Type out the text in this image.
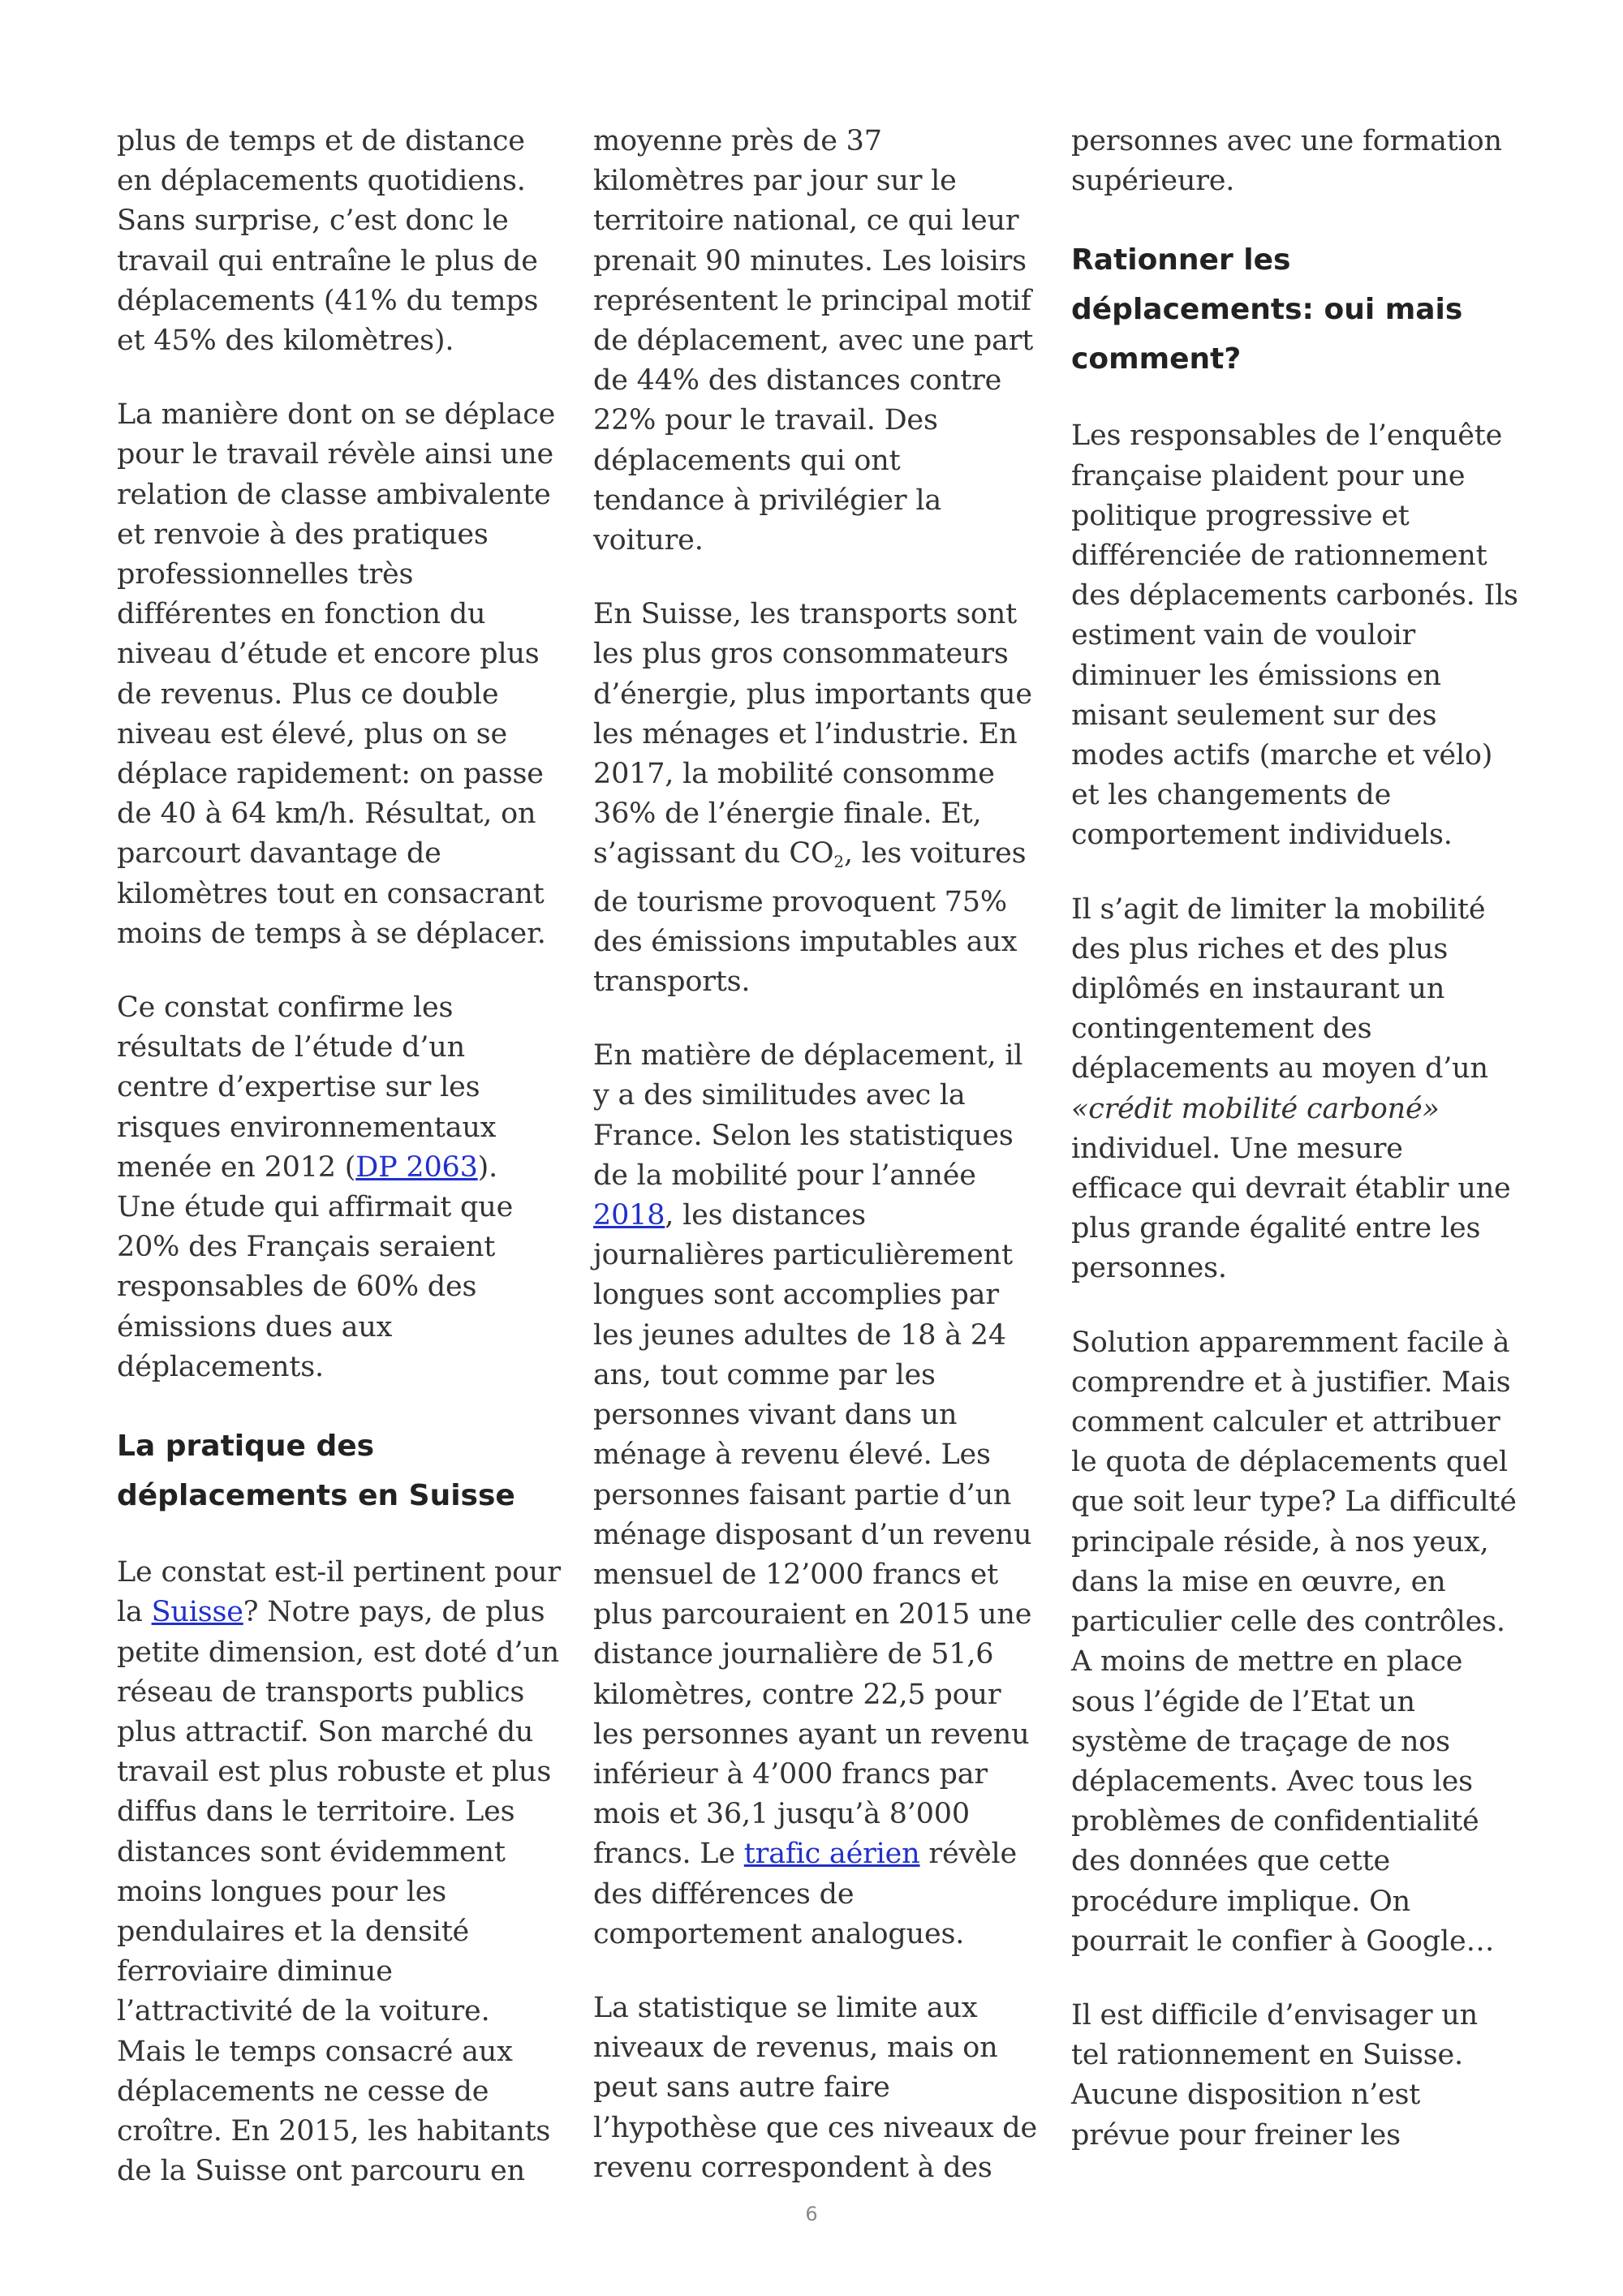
plus de temps et de distance en déplacements quotidiens. Sans surprise, c’est donc le travail qui entraîne le plus de déplacements (41% du temps et 45% des kilomètres).

La manière dont on se déplace pour le travail révèle ainsi une relation de classe ambivalente et renvoie à des pratiques professionnelles très différentes en fonction du niveau d’étude et encore plus de revenus. Plus ce double niveau est élevé, plus on se déplace rapidement: on passe de 40 à 64 km/h. Résultat, on parcourt davantage de kilomètres tout en consacrant moins de temps à se déplacer.

Ce constat confirme les résultats de l’étude d’un centre d’expertise sur les risques environnementaux menée en 2012 (DP 2063). Une étude qui affirmait que 20% des Français seraient responsables de 60% des émissions dues aux déplacements.

La pratique des déplacements en Suisse

Le constat est-il pertinent pour la Suisse? Notre pays, de plus petite dimension, est doté d’un réseau de transports publics plus attractif. Son marché du travail est plus robuste et plus diffus dans le territoire. Les distances sont évidemment moins longues pour les pendulaires et la densité ferroviaire diminue l’attractivité de la voiture. Mais le temps consacré aux déplacements ne cesse de croître. En 2015, les habitants de la Suisse ont parcouru en

moyenne près de 37 kilomètres par jour sur le territoire national, ce qui leur prenait 90 minutes. Les loisirs représentent le principal motif de déplacement, avec une part de 44% des distances contre 22% pour le travail. Des déplacements qui ont tendance à privilégier la voiture.

En Suisse, les transports sont les plus gros consommateurs d’énergie, plus importants que les ménages et l’industrie. En 2017, la mobilité consomme 36% de l’énergie finale. Et, s’agissant du $CO_2$, les voitures de tourisme provoquent 75% des émissions imputables aux transports.

En matière de déplacement, il y a des similitudes avec la France. Selon les statistiques de la mobilité pour l’année 2018, les distances journalières particulièrement longues sont accomplies par les jeunes adultes de 18 à 24 ans, tout comme par les personnes vivant dans un ménage à revenu élevé. Les personnes faisant partie d’un ménage disposant d’un revenu mensuel de 12’000 francs et plus parcouraient en 2015 une distance journalière de 51,6 kilomètres, contre 22,5 pour les personnes ayant un revenu inférieur à 4’000 francs par mois et 36,1 jusqu’à 8’000 francs. Le trafic aérien révèle des différences de comportement analogues.

La statistique se limite aux niveaux de revenus, mais on peut sans autre faire l’hypothèse que ces niveaux de revenu correspondent à des

personnes avec une formation supérieure.

Rationner les déplacements: oui mais comment?

Les responsables de l’enquête française plaident pour une politique progressive et différenciée de rationnement des déplacements carbonés. Ils estiment vain de vouloir diminuer les émissions en misant seulement sur des modes actifs (marche et vélo) et les changements de comportement individuels.

Il s’agit de limiter la mobilité des plus riches et des plus diplômés en instaurant un contingentement des déplacements au moyen d’un «crédit mobilité carboné» individuel. Une mesure efficace qui devrait établir une plus grande égalité entre les personnes.

Solution apparemment facile à comprendre et à justifier. Mais comment calculer et attribuer le quota de déplacements quel que soit leur type? La difficulté principale réside, à nos yeux, dans la mise en œuvre, en particulier celle des contrôles. A moins de mettre en place sous l’égide de l’Etat un système de traçage de nos déplacements. Avec tous les problèmes de confidentialité des données que cette procédure implique. On pourrait le confier à Google…

Il est difficile d’envisager un tel rationnement en Suisse. Aucune disposition n’est prévue pour freiner les

6
